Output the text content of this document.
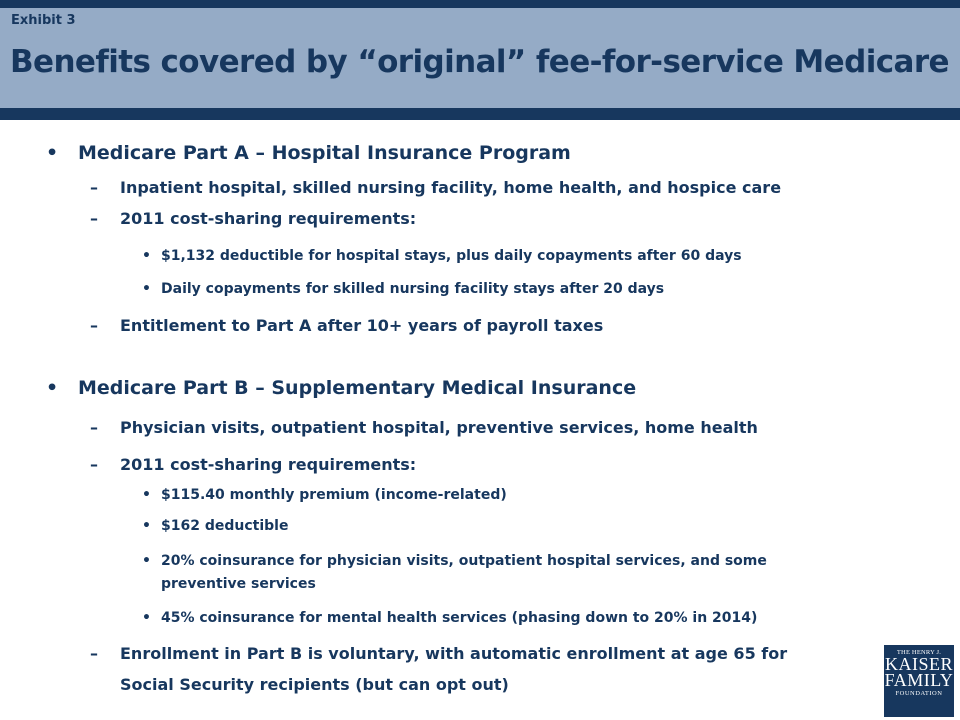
Exhibit 3
Benefits covered by “original” fee-for-service Medicare
• Medicare Part A – Hospital Insurance Program
– Inpatient hospital, skilled nursing facility, home health, and hospice care
– 2011 cost-sharing requirements:
• $1,132 deductible for hospital stays, plus daily copayments after 60 days
• Daily copayments for skilled nursing facility stays after 20 days
– Entitlement to Part A after 10+ years of payroll taxes
• Medicare Part B – Supplementary Medical Insurance
– Physician visits, outpatient hospital, preventive services, home health
– 2011 cost-sharing requirements:
• $115.40 monthly premium (income-related)
• $162 deductible
• 20% coinsurance for physician visits, outpatient hospital services, and some
preventive services
• 45% coinsurance for mental health services (phasing down to 20% in 2014)
– Enrollment in Part B is voluntary, with automatic enrollment at age 65 for
Social Security recipients (but can opt out)
THE HENRY J.
KAISER
FAMILY
FOUNDATION
